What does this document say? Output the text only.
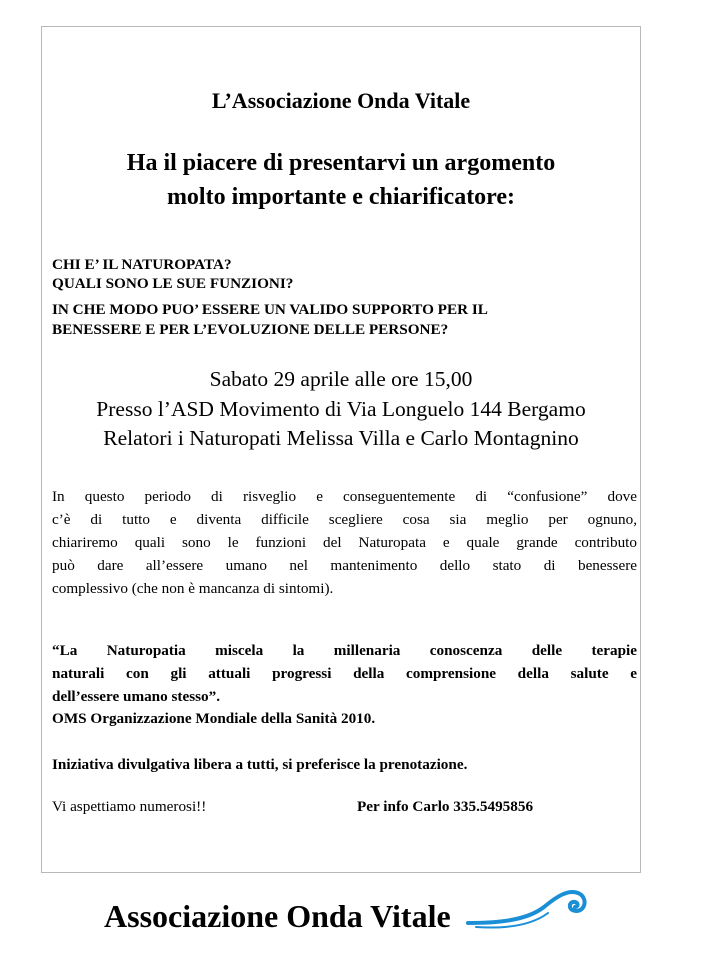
L’Associazione Onda Vitale

Ha il piacere di presentarvi un argomento

molto importante e chiarificatore:

CHI E’ IL NATUROPATA?

QUALI SONO LE SUE FUNZIONI?

IN CHE MODO PUO’ ESSERE UN VALIDO SUPPORTO PER IL

BENESSERE E PER L’EVOLUZIONE DELLE PERSONE?

Sabato 29 aprile alle ore 15,00

Presso l’ASD Movimento di Via Longuelo 144 Bergamo

Relatori i Naturopati Melissa Villa e Carlo Montagnino

In questo periodo di risveglio e conseguentemente di “confusione” dove
c’è di tutto e diventa difficile scegliere cosa sia meglio per ognuno,
chiariremo quali sono le funzioni del Naturopata e quale grande contributo
può dare all’essere umano nel mantenimento dello stato di benessere
complessivo (che non è mancanza di sintomi).
“La Naturopatia miscela la millenaria conoscenza delle terapie
naturali con gli attuali progressi della comprensione della salute e
dell’essere umano stesso”.

OMS Organizzazione Mondiale della Sanità 2010.

Iniziativa divulgativa libera a tutti, si preferisce la prenotazione.

Vi aspettiamo numerosi!!	Per info Carlo 335.5495856

Associazione Onda Vitale
